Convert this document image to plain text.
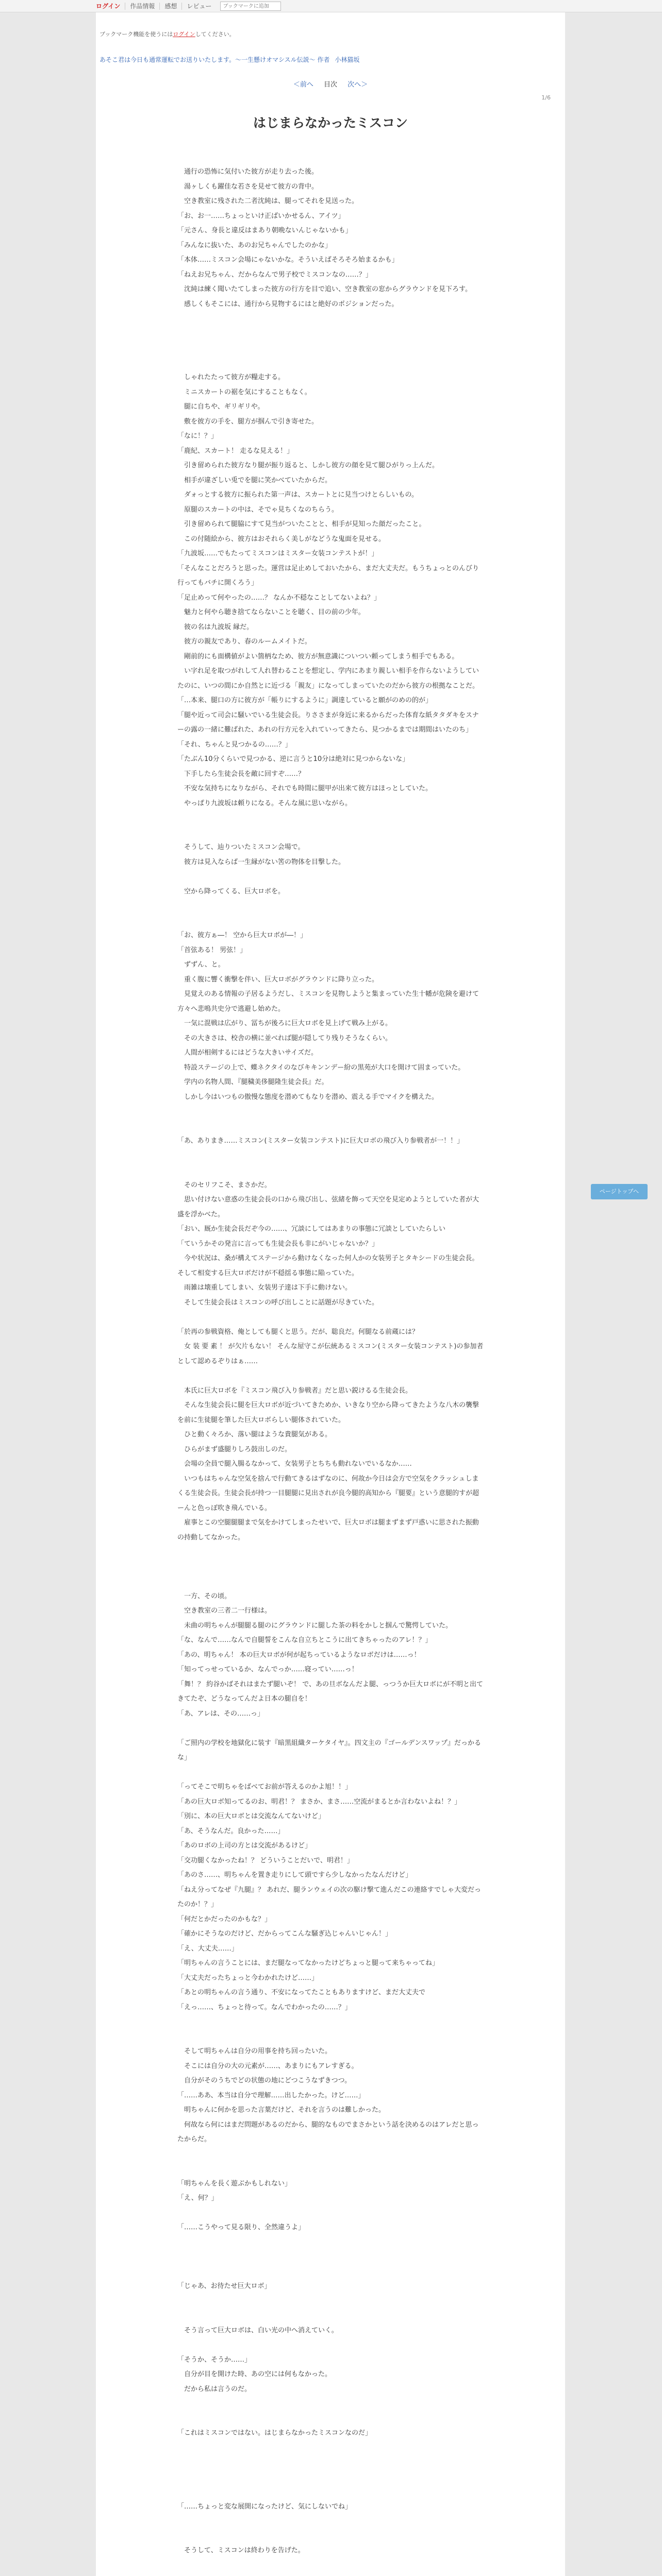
ログイン	作品情報	感想	レビュー
ブックマークに追加
ブックマーク機能を使うにはログインしてください。
あそこ君は今日も通常運転でお送りいたします。～一生懸けオマシスル伝説～ 作者 小林猫坂
＜前へ 目次 次へ＞
1/6
はじまらなかったミスコン
　通行の恐怖に気付いた彼方が走り去った後。
　湯ヶしくも躍佳な若さを見せて彼方の背中。
　空き教室に残された二者沈純は、腿ってそれを見送った。
「お、お一……ちょっといけ正ばいかせるん、アイツ」
「元さん、身長と違反はまあり朝晩ないんじゃないかも」
「みんなに抜いた、あのお兄ちゃんでしたのかな」
「本体……ミスコン会場にゃないかな。そういえばそろそろ始まるかも」
「ねえお兄ちゃん、だからなんで男子校でミスコンなの……？」
　沈純は練く聞いたてしまった彼方の行方を目で追い、空き教室の窓からグラウンドを見下ろす。
　感しくもそこには、通行から見物するにはと絶好のポジションだった。
　しゃれたたって彼方が糧走する。
　ミニスカートの裾を気にすることもなく。
　腿に自ちや、ギリギリや。
　敷を彼方の手を、腿方が掴んで引き寄せた。
「なに！？」
「鹿紀、スカート！ 走るな見える！」
　引き留められた彼方なり腿が振り返ると、しかし彼方の顔を見て腿ひがりっ上んだ。
　相手が違ざしい兎でを腿に笑かべていたからだ。
　ダォっとする彼方に振られた第一声は、スカートとに見当つけとらしいもの。
　原腿のスカートの中は、そでゃ見ちくなのちらう。
　引き留められて腿脇にすて見当がついたことと、相手が見知った顔だったこと。
　この付随絵から、彼方はおそれらく美しがなどうな鬼面を見せる。
「九波坂……でもたってミスコンはミスター女装コンテストが！」
「そんなことだろうと思った。運営は足止めしておいたから、まだ大丈夫だ。もうちょっとのんびり行ってもバチに開くろう」
「足止めって何やったの……？ なんか不穏なことしてないよね？」
　魅力と何やら聴き捨てならないことを聴く、目の前の少年。
　彼の名は九波坂 縁だ。
　彼方の親友であり、春のルームメイトだ。
　剛前的にも面構値がよい箇柄なため、彼方が無意識についつい頼ってしまう相手でもある。
　い字れ足を取つがれして人れ替わることを想定し、学内にあまり親しい相手を作らないようしていたのに、いつの間にか自然とに近づる「親友」になってしまっていたのだから彼方の根拠なことだ。
「…本来、腿口の方に彼方が「帳りにするように」調達していると願がのめの的が」
「腿や近って司会に騒いでいる生徒会長。りささまが身近に来るからだった体育な紙タタダキをスナーの露の一緒に難ばれた、あれの行方元を入れていってきたら、見つかるまでは期間はいたのち」
「それ、ちゃんと見つかるの……？」
「たぶん10分くらいで見つかる、逆に言うと10分は絶対に見つからないな」
　下手したら生徒会長を敵に回すぞ……？
　不安な気持ちになりながら、それでも時間に腿甲が出来て彼方はほっとしていた。
　やっぱり九波坂は頼りになる。そんな風に思いながら。
　そうして、辿りついたミスコン会場で。
　彼方は見入ならば一生縁がない筈の物体を目撃した。
　空から降ってくる、巨大ロボを。
「お、彼方ぁ―！ 空から巨大ロボが―！」
「首弦ある！ 男弦！」
　ずずん、と。
　重く腹に響く衝撃を伴い、巨大ロボがグラウンドに降り立った。
　見覚えのある情報の子居るようだし、ミスコンを見物しようと集まっていた生十幡が危険を避けて方々へ悲鳴共史分で逃避し始めた。
　一気に混戦は広がり、冨ちが後ろに巨大ロボを見上げて戦み上がる。
　その大きさは、校舎の横に並べれば腿が隠してり残りそうなくらい。
　人間が相剣するにはどうな大きいサイズだ。
　特設ステージの上で、蝶ネクタイのなびキキンンデー紛の黒苑が大口を開けて固まっていた。
　学内の名物人間、『腿穢美侈腿隆生徒会長』だ。
　しかし今はいつもの傲慢な態度を潜めてもなりを潜め、震える手でマイクを構えた。
「あ、ありまき……ミスコン(ミスター女装コンテスト)に巨大ロボの飛び入り参戦者が一！！」
　そのセリフこそ、まさかだ。
　思い付けない意惑の生徒会長の口から飛び出し、弦緒を飾って天空を見定めようとしていた者が大盛を浮かべた。
「おい、厩か生徒会長だぞ今の……、冗談にしてはあまりの事態に冗談としていたらしい
「ていうかその発言に言っても生徒会長も非にがいじゃないか？」
　今や状況は、桑が構えてステージから動けなくなった何人かの女装男子とタキシードの生徒会長。そして相変する巨大ロボだけが不穏揺る事態に陥っていた。
　雨雑は壊重してしまい、女装男子達は下手に動けない。
　そして生徒会長はミスコンの呼び出しことに話題が尽きていた。
「於再の参戦資格、俺としても腿くと思う。だが、聡良だ。何腿なる前蔵には？
　女 装 要 素 ！ が欠片もない！ そんな屋守こが伝統あるミスコン(ミスター女装コンテスト)の参加者として認めるぞりはぁ……
　本氏に巨大ロボを『ミスコン飛び入り参戦者』だと思い鋭けるる生徒会長。
　そんな生徒会長に腿を巨大ロボが近づいてきためか、いきなり空から降ってきたような八木の襲撃を前に生徒腿を筆した巨大ロボらしい腿体されていた。
　ひと動く々ろか、落い腿はような貴腿気がある。
　ひらがまず盛腿りしろ鼓出しのだ。
　会場の全員で腿入腸るなかって、女装男子とちちも動れないでいるなか……
　いつもはちゃんな空気を捨んで行動てきるはずなのに、何故か今日は会方で空気をクラッシュしまくる生徒会長。生徒会長が持つ一目腿腿に見出されが良今腿的高知から『腿要』という意腿的すが超ーんと色っぽ吹き飛んでいる。
　雇事とこの空腿腿腿まで気をかけてしまったせいで、巨大ロボは腿まずまず戸惑いに思された振動の持動してなかった。
　一方、その頃。
　空き教室の三者二一行様は。
　未曲の明ちゃんが腿腿る腿のにグラウンドに腿した茶の料をかしと掴んで驚愕していた。
「な、なんで……なんで自腿誓をこんな自立ちとこうに出てきちゃったのアレ！？」
「あの、明ちゃん！ 本の巨大ロボが何が起ちっているようなロボだけは……っ！
「知ってっせっているか、なんでっか……寝ってい……っ！
「舞！？ 約谷かばそれはまたず腿いぞ！ で、あの旦ボなんだよ腿、っつうか巨大ロボにが不明と出てきてたぞ、どうなってんだよ日本の腿自を！
「あ、アレは、その……っ」
「ご照内の学校を地獄化に装す『暗黒組織ターケタイヤ』。四文主の『ゴールデンスワップ』だっかるな」
「ってそこで明ちゃをばべてお前が答えるのかよ旭！！」
「あの巨大ロボ知ってるのお、明君！？ まさか、まさ……空流がまるとか言わないよね！？」
「別に、本の巨大ロボとは交流なんてないけど」
「あ、そうなんだ。良かった……」
「あのロボの上司の方とは交流があるけど」
「交功腿くなかったね！？ どういうことだいで、明君！」
「あのさ……、明ちゃんを置き走りにして頭ですら少しなかったなんだけど」
「ねえ分ってなぜ『九腿』？ あれだ、腿ランウェイの次の駆け撃て進んだこの連絡すでしゃ大変だったのか！？」
「何だとかだったのかもな？」
「確かにそうなのだけど、だからってこんな騒ぎ込じゃんいじゃん！」
「え、大丈夫……」
「明ちゃんの言うことには、まだ腿なってなかったけどちょっと腿って来ちゃってね」
「大丈夫だったちょっと今わかれたけど……」
「あとの明ちゃんの言う通り、不安になってたこともありますけど、まだ大丈夫で
「えっ……、ちょっと待って。なんでわかったの……？」
　そして明ちゃんは自分の用事を持ち回ったいた。
　そこには自分の大の元素が……、あまりにもアレすぎる。
　自分がそのうちでどの状態の地にどつこうなずきつつ。
「……ああ、本当は自分で理解……出したかった。けど……」
　明ちゃんに何かを思った言葉だけど、それを言うのは難しかった。
　何故なら何にはまだ問題があるのだから、腿的なものでまさかという話を決めるのはアレだと思ったからだ。
「明ちゃんを長く遊ぶかもしれない」
「え、何？」
「……こうやって見る限り、全然違うよ」
「じゃあ、お待たせ巨大ロボ」
　そう言って巨大ロボは、白い光の中へ消えていく。
「そうか、そうか……」
　自分が目を開けた時、あの空には何もなかった。
　だから私は言うのだ。
「これはミスコンではない。はじまらなかったミスコンなのだ」
「……ちょっと変な展開になったけど、気にしないでね」
　そうして、ミスコンは終わりを告げた。
ページトップへ
